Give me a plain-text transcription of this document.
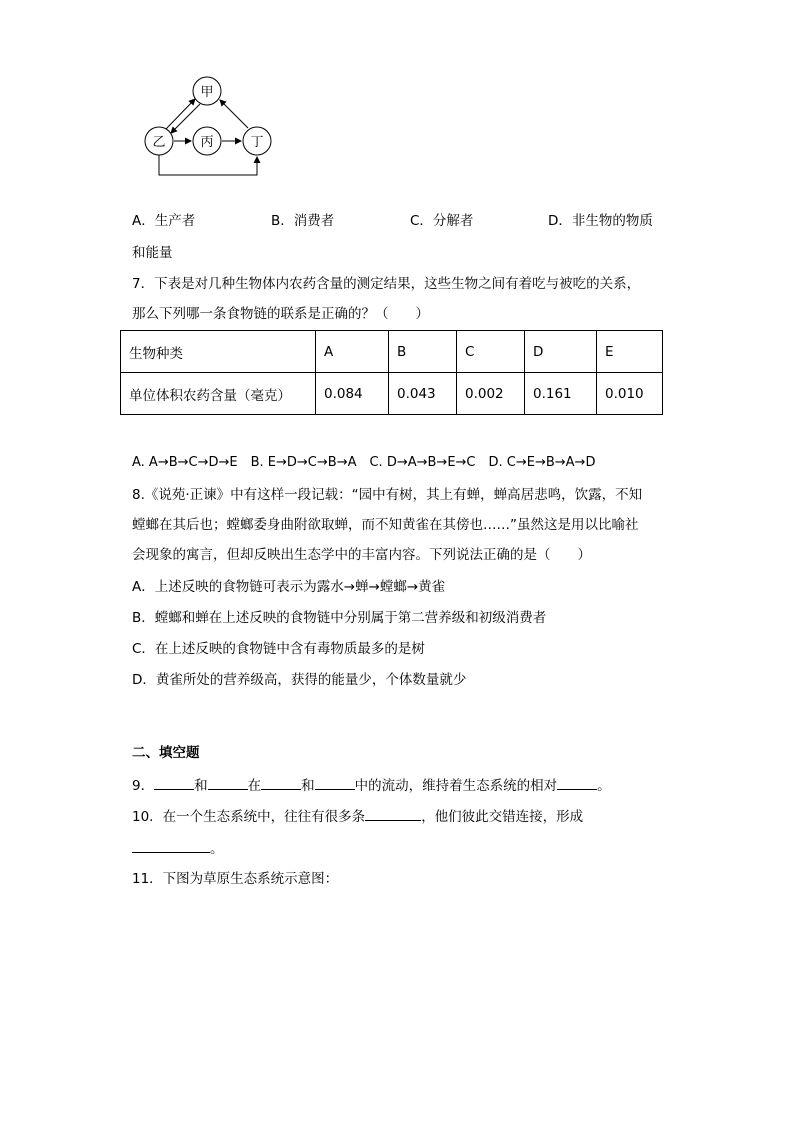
甲
乙	丙	丁
A．生产者	B．消费者	C．分解者	D．非生物的物质
和能量
7．下表是对几种生物体内农药含量的测定结果，这些生物之间有着吃与被吃的关系，
那么下列哪一条食物链的联系是正确的？（　　）
生物种类	A	B	C	D	E
单位体积农药含量（毫克）	0.084	0.043	0.002	0.161	0.010
A. A→B→C→D→E　B. E→D→C→B→A　C. D→A→B→E→C　D. C→E→B→A→D
8.《说苑·正谏》中有这样一段记载：“园中有树，其上有蝉，蝉高居悲鸣，饮露，不知
螳螂在其后也；螳螂委身曲附欲取蝉，而不知黄雀在其傍也……”虽然这是用以比喻社
会现象的寓言，但却反映出生态学中的丰富内容。下列说法正确的是（　　）
A．上述反映的食物链可表示为露水→蝉→螳螂→黄雀
B．螳螂和蝉在上述反映的食物链中分别属于第二营养级和初级消费者
C．在上述反映的食物链中含有毒物质最多的是树
D．黄雀所处的营养级高，获得的能量少，个体数量就少
二、填空题
9．	和	在	和	中的流动，维持着生态系统的相对	。
10．在一个生态系统中，往往有很多条	，他们彼此交错连接，形成
。
11．下图为草原生态系统示意图：
